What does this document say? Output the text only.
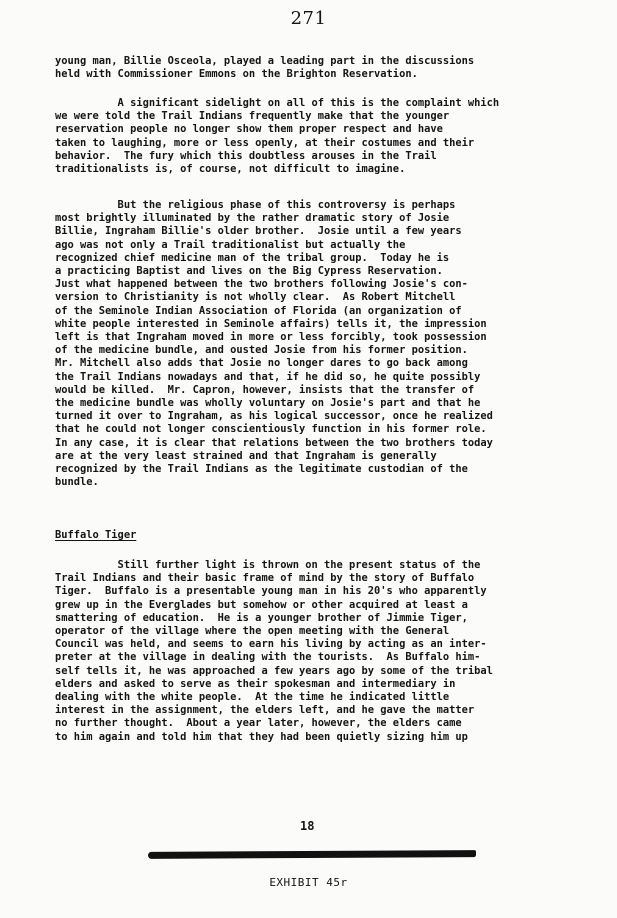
271
young man, Billie Osceola, played a leading part in the discussions
held with Commissioner Emmons on the Brighton Reservation.
A significant sidelight on all of this is the complaint which
we were told the Trail Indians frequently make that the younger
reservation people no longer show them proper respect and have
taken to laughing, more or less openly, at their costumes and their
behavior.  The fury which this doubtless arouses in the Trail
traditionalists is, of course, not difficult to imagine.
But the religious phase of this controversy is perhaps
most brightly illuminated by the rather dramatic story of Josie
Billie, Ingraham Billie's older brother.  Josie until a few years
ago was not only a Trail traditionalist but actually the
recognized chief medicine man of the tribal group.  Today he is
a practicing Baptist and lives on the Big Cypress Reservation.
Just what happened between the two brothers following Josie's con-
version to Christianity is not wholly clear.  As Robert Mitchell
of the Seminole Indian Association of Florida (an organization of
white people interested in Seminole affairs) tells it, the impression
left is that Ingraham moved in more or less forcibly, took possession
of the medicine bundle, and ousted Josie from his former position.
Mr. Mitchell also adds that Josie no longer dares to go back among
the Trail Indians nowadays and that, if he did so, he quite possibly
would be killed.  Mr. Capron, however, insists that the transfer of
the medicine bundle was wholly voluntary on Josie's part and that he
turned it over to Ingraham, as his logical successor, once he realized
that he could not longer conscientiously function in his former role.
In any case, it is clear that relations between the two brothers today
are at the very least strained and that Ingraham is generally
recognized by the Trail Indians as the legitimate custodian of the
bundle.
Buffalo Tiger
Still further light is thrown on the present status of the
Trail Indians and their basic frame of mind by the story of Buffalo
Tiger.  Buffalo is a presentable young man in his 20's who apparently
grew up in the Everglades but somehow or other acquired at least a
smattering of education.  He is a younger brother of Jimmie Tiger,
operator of the village where the open meeting with the General
Council was held, and seems to earn his living by acting as an inter-
preter at the village in dealing with the tourists.  As Buffalo him-
self tells it, he was approached a few years ago by some of the tribal
elders and asked to serve as their spokesman and intermediary in
dealing with the white people.  At the time he indicated little
interest in the assignment, the elders left, and he gave the matter
no further thought.  About a year later, however, the elders came
to him again and told him that they had been quietly sizing him up
18
EXHIBIT 45r
